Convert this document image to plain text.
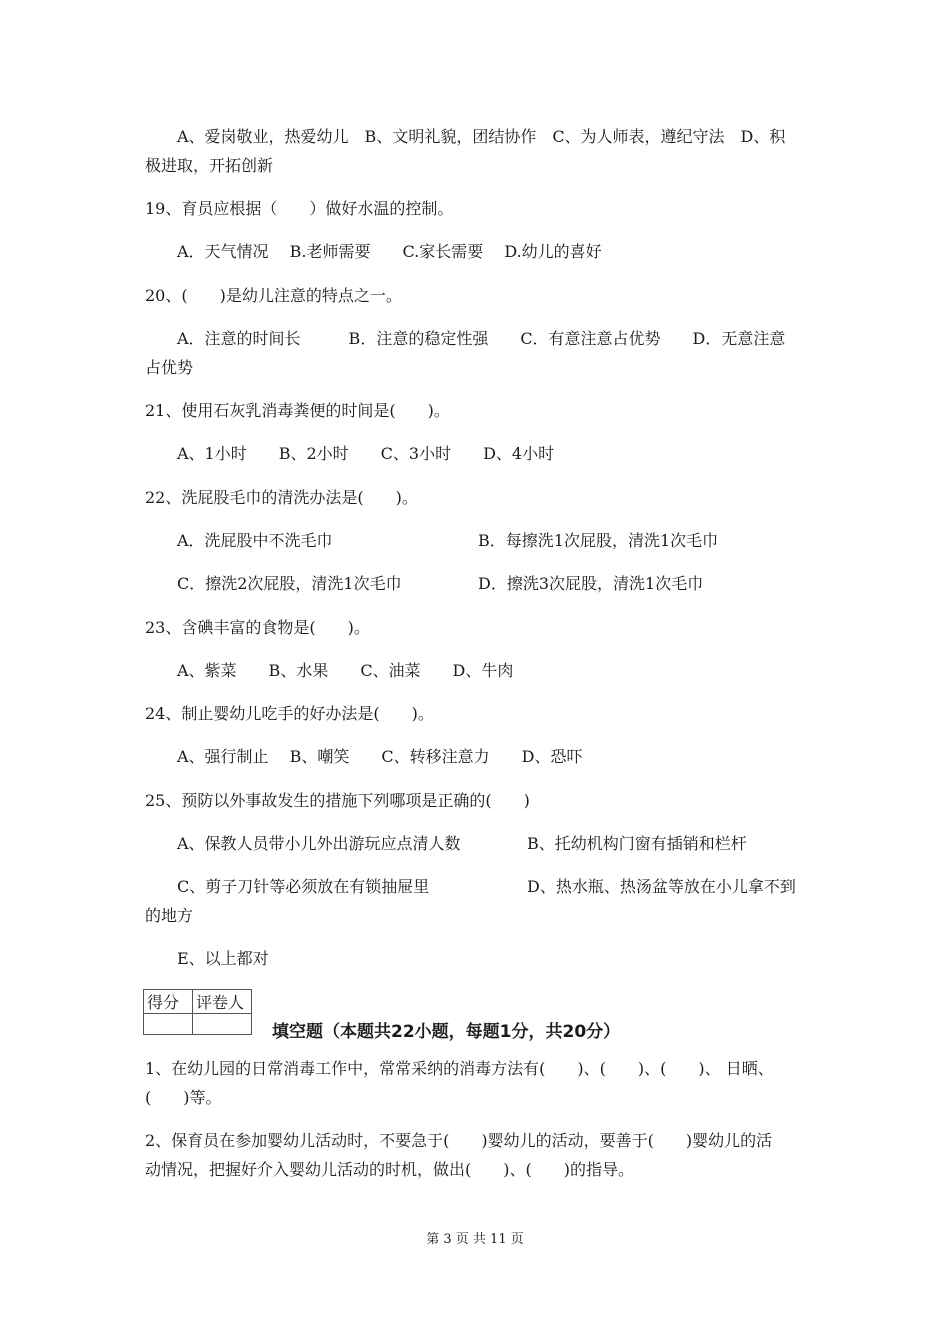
A、爱岗敬业，热爱幼儿　B、文明礼貌，团结协作　C、为人师表，遵纪守法　D、积
极进取，开拓创新
19、育员应根据（　　）做好水温的控制。
A．天气情况　 B.老师需要　　C.家长需要　 D.幼儿的喜好
20、(　　)是幼儿注意的特点之一。
A．注意的时间长　　　B．注意的稳定性强　　C．有意注意占优势　　D．无意注意
占优势
21、使用石灰乳消毒粪便的时间是(　　)。
A、1小时　　B、2小时　　C、3小时　　D、4小时
22、洗屁股毛巾的清洗办法是(　　)。
A．洗屁股中不洗毛巾	B．每擦洗1次屁股，清洗1次毛巾
C．擦洗2次屁股，清洗1次毛巾	D．擦洗3次屁股，清洗1次毛巾
23、含碘丰富的食物是(　　)。
A、紫菜　　B、水果　　C、油菜　　D、牛肉
24、制止婴幼儿吃手的好办法是(　　)。
A、强行制止　 B、嘲笑　　C、转移注意力　　D、恐吓
25、预防以外事故发生的措施下列哪项是正确的(　　)
A、保教人员带小儿外出游玩应点清人数	B、托幼机构门窗有插销和栏杆
C、剪子刀针等必须放在有锁抽屉里	D、热水瓶、热汤盆等放在小儿拿不到
的地方
E、以上都对
得分	评卷人

填空题（本题共22小题，每题1分，共20分）
1、在幼儿园的日常消毒工作中，常常采纳的消毒方法有(　　)、(　　)、(　　)、 日晒、
(　　)等。
2、保育员在参加婴幼儿活动时，不要急于(　　)婴幼儿的活动，要善于(　　)婴幼儿的活
动情况，把握好介入婴幼儿活动的时机，做出(　　)、(　　)的指导。
第 3 页 共 11 页
